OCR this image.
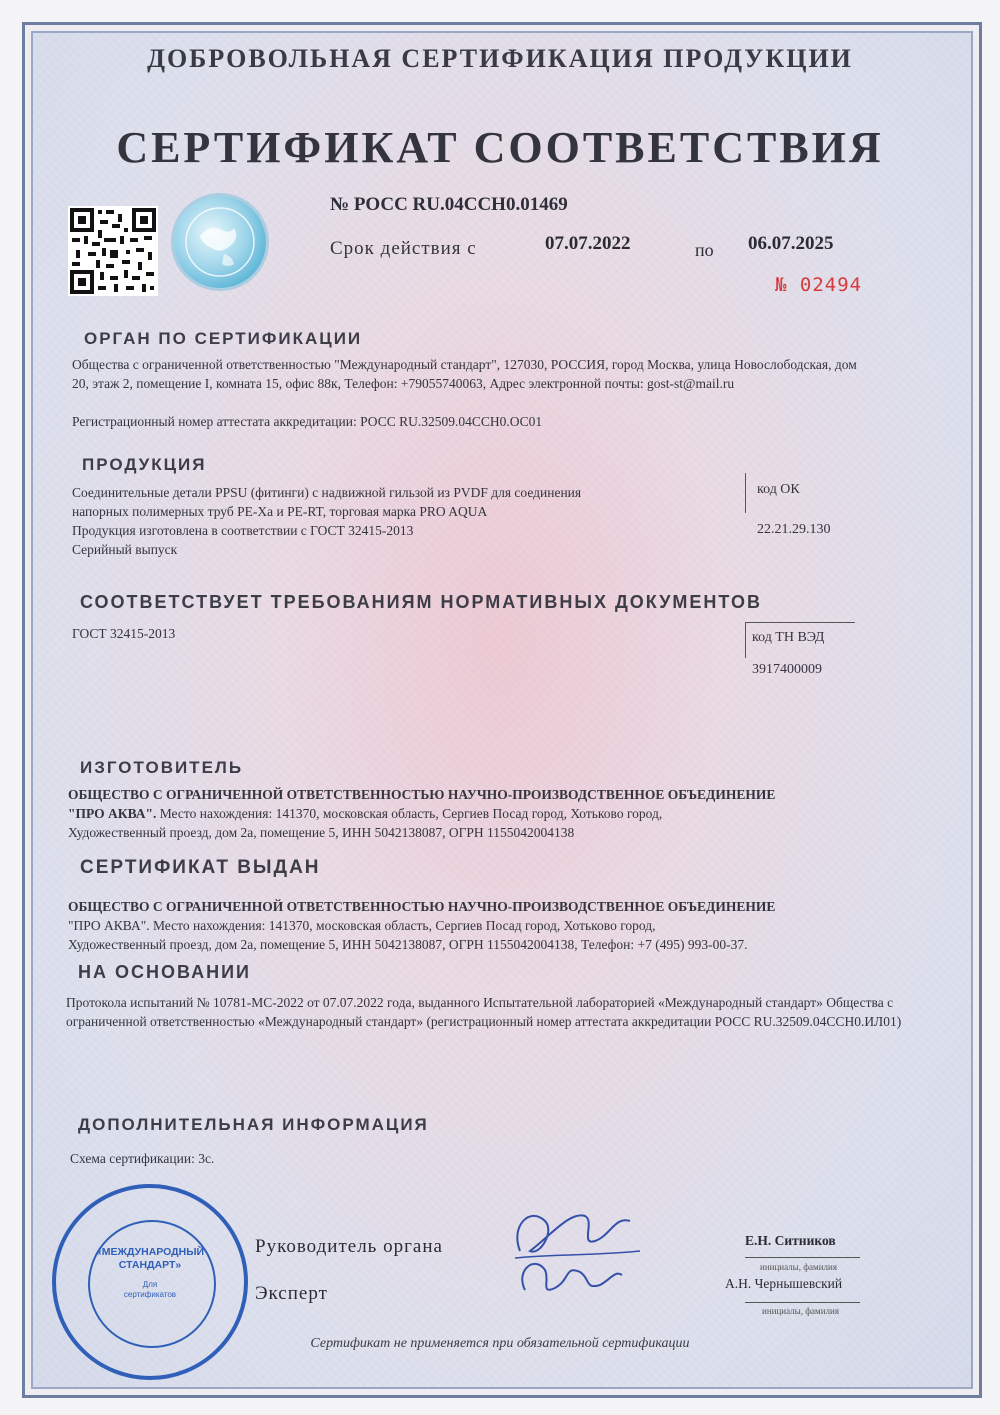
ДОБРОВОЛЬНАЯ СЕРТИФИКАЦИЯ ПРОДУКЦИИ
СЕРТИФИКАТ СООТВЕТСТВИЯ
№ РОСС RU.04ССН0.01469
Срок действия с	07.07.2022	по 06.07.2025
№ 02494
ОРГАН ПО СЕРТИФИКАЦИИ
Общества с ограниченной ответственностью "Международный стандарт", 127030, РОССИЯ, город Москва, улица Новослободская, дом 20, этаж 2, помещение I, комната 15, офис 88к, Телефон: +79055740063, Адрес электронной почты: gost-st@mail.ru
Регистрационный номер аттестата аккредитации: РОСС RU.32509.04ССН0.ОС01
ПРОДУКЦИЯ
Соединительные детали PPSU (фитинги) с надвижной гильзой из PVDF для соединения
напорных полимерных труб PE-Xa и PE-RT, торговая марка PRO AQUA
Продукция изготовлена в соответствии с ГОСТ 32415-2013
Серийный выпуск
код ОК
22.21.29.130
СООТВЕТСТВУЕТ ТРЕБОВАНИЯМ НОРМАТИВНЫХ ДОКУМЕНТОВ
ГОСТ 32415-2013	код ТН ВЭД
3917400009
ИЗГОТОВИТЕЛЬ
ОБЩЕСТВО С ОГРАНИЧЕННОЙ ОТВЕТСТВЕННОСТЬЮ НАУЧНО-ПРОИЗВОДСТВЕННОЕ ОБЪЕДИНЕНИЕ
"ПРО АКВА". Место нахождения: 141370, московская область, Сергиев Посад город, Хотьково город,
Художественный проезд, дом 2а, помещение 5, ИНН 5042138087, ОГРН 1155042004138
СЕРТИФИКАТ ВЫДАН
ОБЩЕСТВО С ОГРАНИЧЕННОЙ ОТВЕТСТВЕННОСТЬЮ НАУЧНО-ПРОИЗВОДСТВЕННОЕ ОБЪЕДИНЕНИЕ
"ПРО АКВА". Место нахождения: 141370, московская область, Сергиев Посад город, Хотьково город,
Художественный проезд, дом 2а, помещение 5, ИНН 5042138087, ОГРН 1155042004138, Телефон: +7 (495) 993-00-37.
НА ОСНОВАНИИ
Протокола испытаний № 10781-МС-2022 от 07.07.2022 года, выданного Испытательной лабораторией «Международный стандарт» Общества с ограниченной ответственностью «Международный стандарт» (регистрационный номер аттестата аккредитации РОСС RU.32509.04ССН0.ИЛ01)
ДОПОЛНИТЕЛЬНАЯ ИНФОРМАЦИЯ
Схема сертификации: 3с.
«МЕЖДУНАРОДНЫЙ
СТАНДАРТ»
Для
сертификатов
Руководитель органа
Эксперт
Е.Н. Ситников
инициалы, фамилия
А.Н. Чернышевский
инициалы, фамилия
Сертификат не применяется при обязательной сертификации
